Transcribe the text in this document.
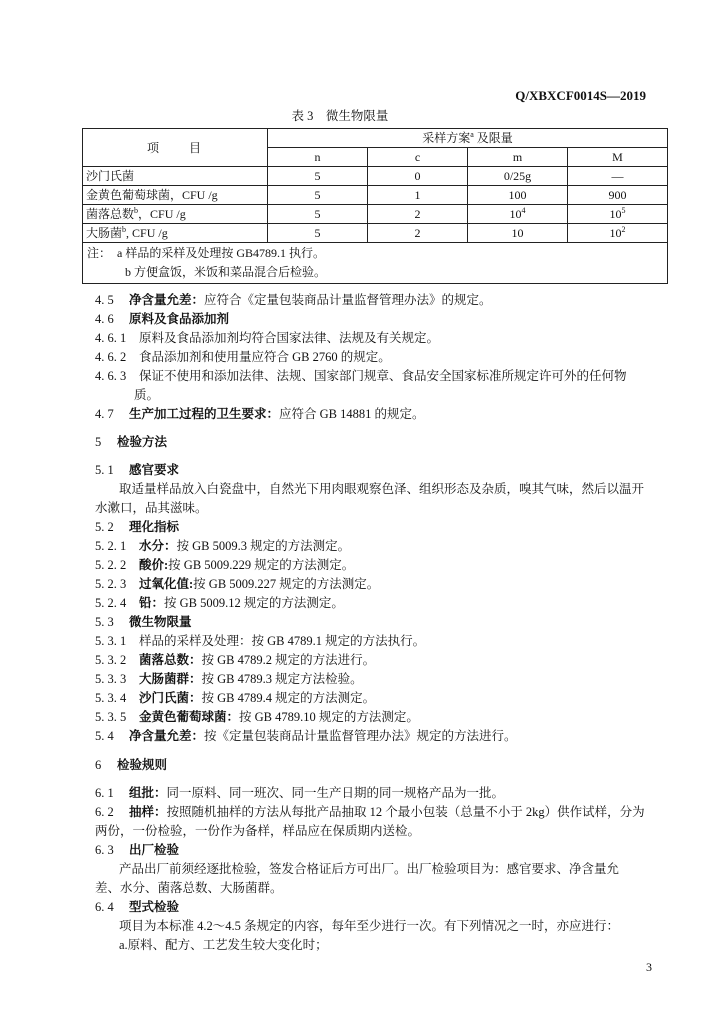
Q/XBXCF0014S—2019
表 3　微生物限量
项　　目	采样方案$^a$ 及限量			
	n	c	m	M
沙门氏菌	5	0	0/25g	—
金黄色葡萄球菌，CFU /g	5	1	100	900
菌落总数$^b$，CFU /g	5	2	$10^4$	$10^5$
大肠菌$^b$, CFU /g	5	2	10	$10^2$

注：　a 样品的采样及处理按 GB4789.1 执行。
b 方便盒饭，米饭和菜品混合后检验。				
4. 5 净含量允差：应符合《定量包装商品计量监督管理办法》的规定。
4. 6 原料及食品添加剂
4. 6. 1 原料及食品添加剂均符合国家法律、法规及有关规定。
4. 6. 2 食品添加剂和使用量应符合 GB 2760 的规定。
4. 6. 3 保证不使用和添加法律、法规、国家部门规章、食品安全国家标准所规定许可外的任何物
质。
4. 7 生产加工过程的卫生要求：应符合 GB 14881 的规定。
5 检验方法
5. 1 感官要求
取适量样品放入白瓷盘中，自然光下用肉眼观察色泽、组织形态及杂质，嗅其气味，然后以温开
水漱口，品其滋味。
5. 2 理化指标
5. 2. 1 水分：按 GB 5009.3 规定的方法测定。
5. 2. 2 酸价:按 GB 5009.229 规定的方法测定。
5. 2. 3 过氧化值:按 GB 5009.227 规定的方法测定。
5. 2. 4 铅：按 GB 5009.12 规定的方法测定。
5. 3 微生物限量
5. 3. 1 样品的采样及处理：按 GB 4789.1 规定的方法执行。
5. 3. 2 菌落总数：按 GB 4789.2 规定的方法进行。
5. 3. 3 大肠菌群：按 GB 4789.3 规定方法检验。
5. 3. 4 沙门氏菌：按 GB 4789.4 规定的方法测定。
5. 3. 5 金黄色葡萄球菌：按 GB 4789.10 规定的方法测定。
5. 4 净含量允差：按《定量包装商品计量监督管理办法》规定的方法进行。
6 检验规则
6. 1 组批：同一原料、同一班次、同一生产日期的同一规格产品为一批。
6. 2 抽样：按照随机抽样的方法从每批产品抽取 12 个最小包装（总量不小于 2kg）供作试样，分为
两份，一份检验，一份作为备样，样品应在保质期内送检。
6. 3 出厂检验
产品出厂前须经逐批检验，签发合格证后方可出厂。出厂检验项目为：感官要求、净含量允
差、水分、菌落总数、大肠菌群。
6. 4 型式检验
项目为本标准 4.2～4.5 条规定的内容，每年至少进行一次。有下列情况之一时，亦应进行：
a.原料、配方、工艺发生较大变化时；
3
